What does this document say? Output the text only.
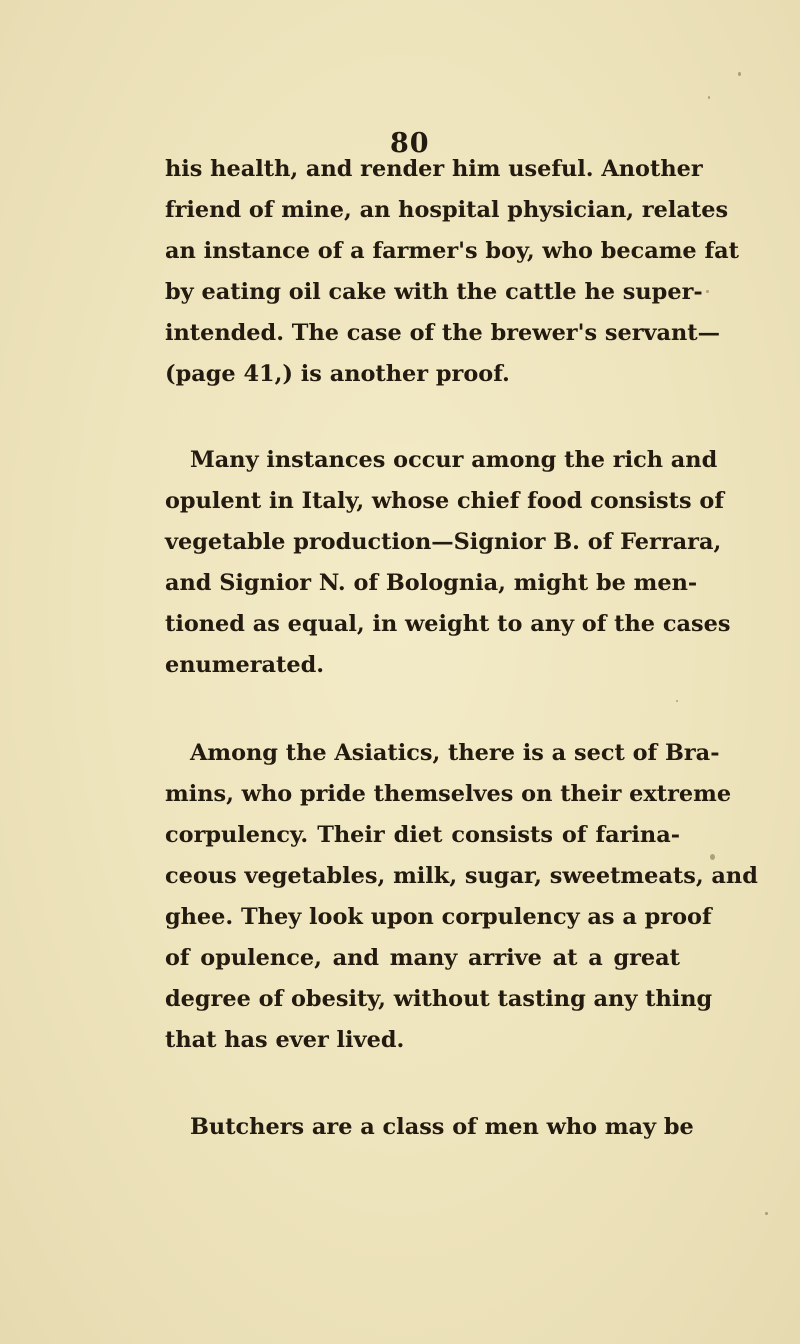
80
his health, and render him useful. Another
friend of mine, an hospital physician, relates
an instance of a farmer's boy, who became fat
by eating oil cake with the cattle he super-
intended. The case of the brewer's servant—
(page 41,) is another proof.
Many instances occur among the rich and
opulent in Italy, whose chief food consists of
vegetable production—Signior B. of Ferrara,
and Signior N. of Bolognia, might be men-
tioned as equal, in weight to any of the cases
enumerated.
Among the Asiatics, there is a sect of Bra-
mins, who pride themselves on their extreme
corpulency. Their diet consists of farina-
ceous vegetables, milk, sugar, sweetmeats, and
ghee. They look upon corpulency as a proof
of opulence, and many arrive at a great
degree of obesity, without tasting any thing
that has ever lived.
Butchers are a class of men who may be
